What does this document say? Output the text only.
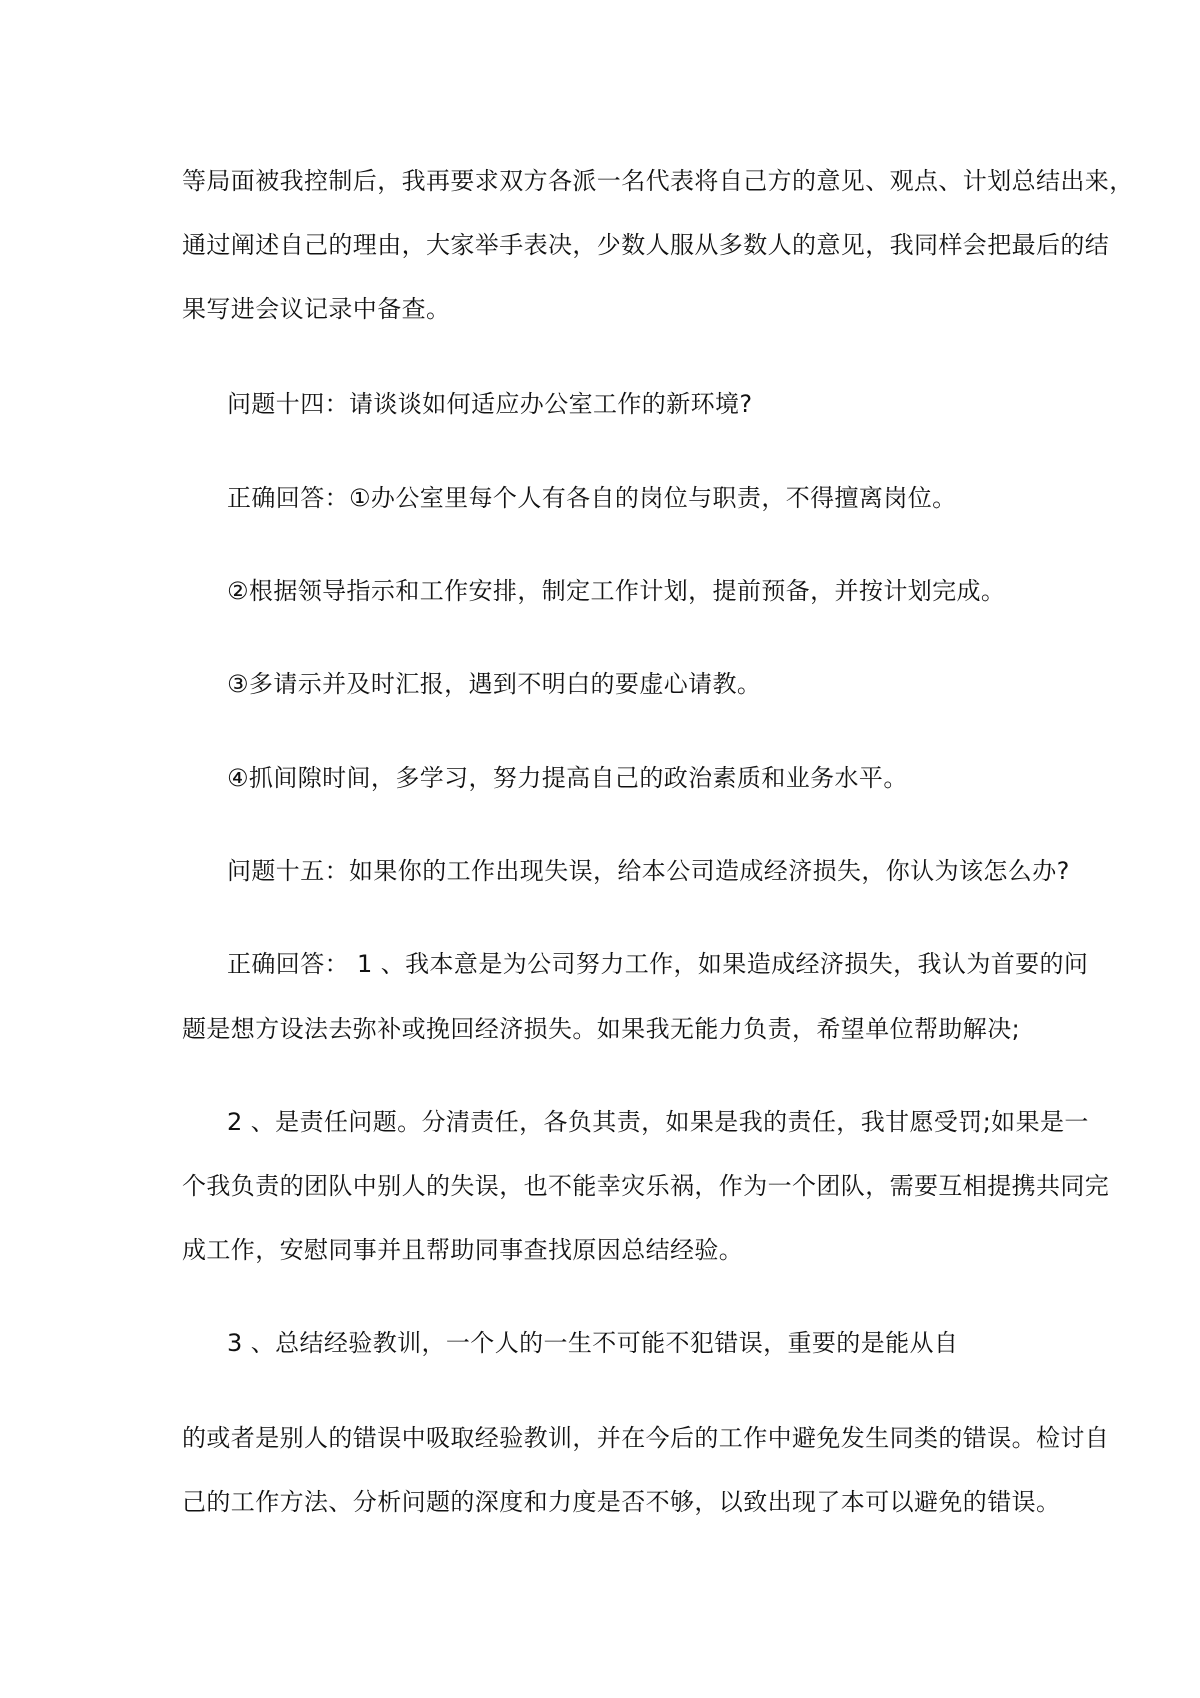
等局面被我控制后，我再要求双方各派一名代表将自己方的意见、观点、计划总结出来，
通过阐述自己的理由，大家举手表决，少数人服从多数人的意见，我同样会把最后的结
果写进会议记录中备查。
问题十四：请谈谈如何适应办公室工作的新环境?
正确回答：①办公室里每个人有各自的岗位与职责，不得擅离岗位。
②根据领导指示和工作安排，制定工作计划，提前预备，并按计划完成。
③多请示并及时汇报，遇到不明白的要虚心请教。
④抓间隙时间，多学习，努力提高自己的政治素质和业务水平。
问题十五：如果你的工作出现失误，给本公司造成经济损失，你认为该怎么办?
正确回答： 1 、我本意是为公司努力工作，如果造成经济损失，我认为首要的问
题是想方设法去弥补或挽回经济损失。如果我无能力负责，希望单位帮助解决;
2 、是责任问题。分清责任，各负其责，如果是我的责任，我甘愿受罚;如果是一
个我负责的团队中别人的失误，也不能幸灾乐祸，作为一个团队，需要互相提携共同完
成工作，安慰同事并且帮助同事查找原因总结经验。
3 、总结经验教训，一个人的一生不可能不犯错误，重要的是能从自
的或者是别人的错误中吸取经验教训，并在今后的工作中避免发生同类的错误。检讨自
己的工作方法、分析问题的深度和力度是否不够，以致出现了本可以避免的错误。
